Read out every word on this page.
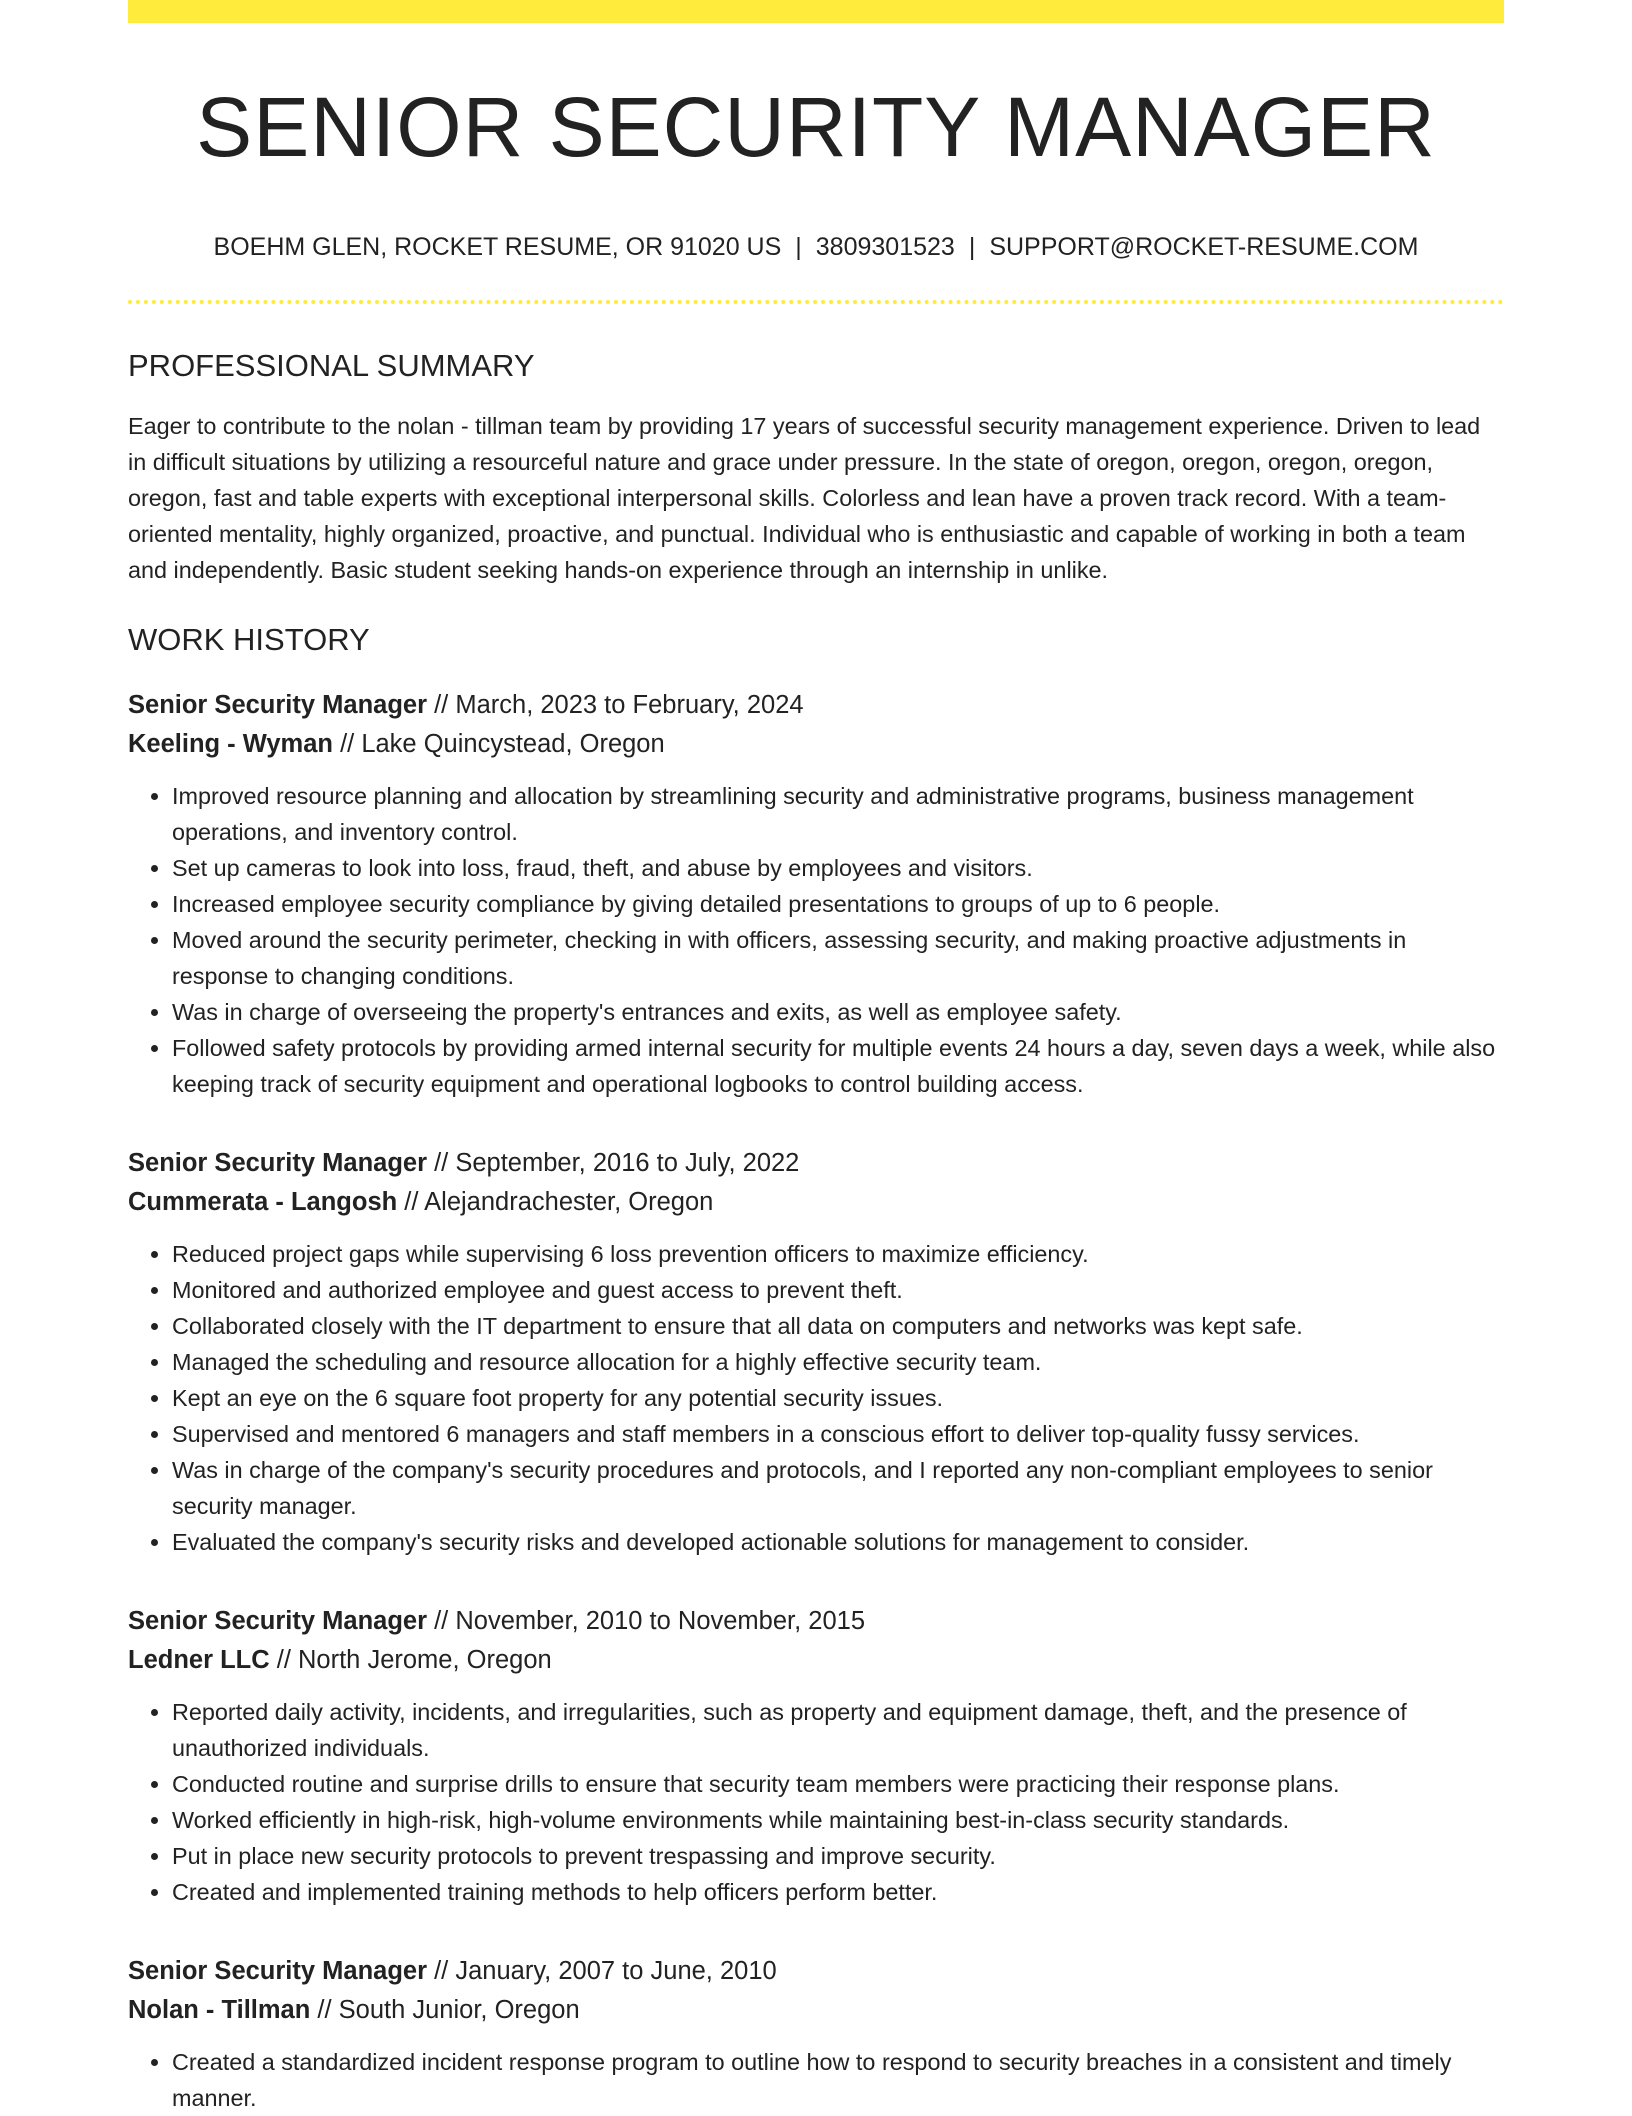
SENIOR SECURITY MANAGER
BOEHM GLEN, ROCKET RESUME, OR 91020 US | 3809301523 | SUPPORT@ROCKET-RESUME.COM
PROFESSIONAL SUMMARY

Eager to contribute to the nolan - tillman team by providing 17 years of successful security management experience. Driven to lead in difficult situations by utilizing a resourceful nature and grace under pressure. In the state of oregon, oregon, oregon, oregon, oregon, fast and table experts with exceptional interpersonal skills. Colorless and lean have a proven track record. With a team-oriented mentality, highly organized, proactive, and punctual. Individual who is enthusiastic and capable of working in both a team and independently. Basic student seeking hands-on experience through an internship in unlike.

WORK HISTORY
Senior Security Manager // March, 2023 to February, 2024
Keeling - Wyman // Lake Quincystead, Oregon
• Improved resource planning and allocation by streamlining security and administrative programs, business management operations, and inventory control.
• Set up cameras to look into loss, fraud, theft, and abuse by employees and visitors.
• Increased employee security compliance by giving detailed presentations to groups of up to 6 people.
• Moved around the security perimeter, checking in with officers, assessing security, and making proactive adjustments in response to changing conditions.
• Was in charge of overseeing the property's entrances and exits, as well as employee safety.
• Followed safety protocols by providing armed internal security for multiple events 24 hours a day, seven days a week, while also keeping track of security equipment and operational logbooks to control building access.
Senior Security Manager // September, 2016 to July, 2022
Cummerata - Langosh // Alejandrachester, Oregon
• Reduced project gaps while supervising 6 loss prevention officers to maximize efficiency.
• Monitored and authorized employee and guest access to prevent theft.
• Collaborated closely with the IT department to ensure that all data on computers and networks was kept safe.
• Managed the scheduling and resource allocation for a highly effective security team.
• Kept an eye on the 6 square foot property for any potential security issues.
• Supervised and mentored 6 managers and staff members in a conscious effort to deliver top-quality fussy services.
• Was in charge of the company's security procedures and protocols, and I reported any non-compliant employees to senior security manager.
• Evaluated the company's security risks and developed actionable solutions for management to consider.
Senior Security Manager // November, 2010 to November, 2015
Ledner LLC // North Jerome, Oregon
• Reported daily activity, incidents, and irregularities, such as property and equipment damage, theft, and the presence of unauthorized individuals.
• Conducted routine and surprise drills to ensure that security team members were practicing their response plans.
• Worked efficiently in high-risk, high-volume environments while maintaining best-in-class security standards.
• Put in place new security protocols to prevent trespassing and improve security.
• Created and implemented training methods to help officers perform better.
Senior Security Manager // January, 2007 to June, 2010
Nolan - Tillman // South Junior, Oregon
• Created a standardized incident response program to outline how to respond to security breaches in a consistent and timely manner.
